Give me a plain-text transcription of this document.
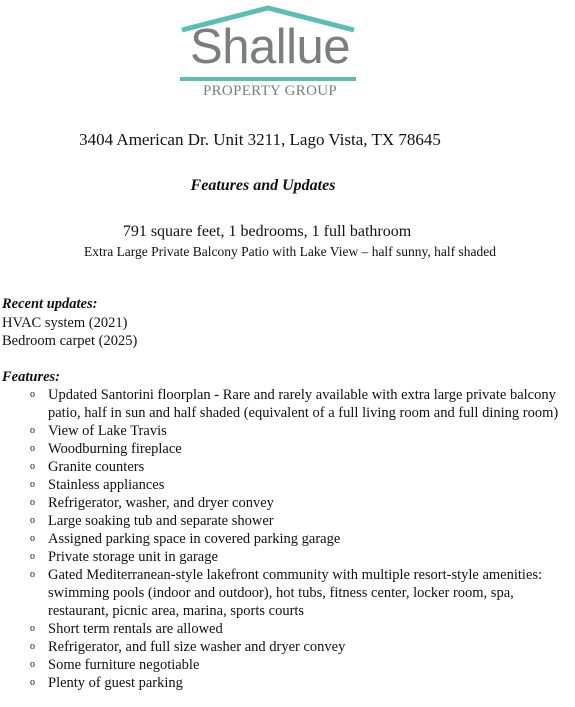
Shallue
PROPERTY GROUP
3404 American Dr. Unit 3211, Lago Vista, TX 78645
Features and Updates
791 square feet, 1 bedrooms, 1 full bathroom
Extra Large Private Balcony Patio with Lake View – half sunny, half shaded
Recent updates:
HVAC system (2021)
Bedroom carpet (2025)
Features:
o Updated Santorini floorplan - Rare and rarely available with extra large private balcony patio, half in sun and half shaded (equivalent of a full living room and full dining room)
o View of Lake Travis
o Woodburning fireplace
o Granite counters
o Stainless appliances
o Refrigerator, washer, and dryer convey
o Large soaking tub and separate shower
o Assigned parking space in covered parking garage
o Private storage unit in garage
o Gated Mediterranean-style lakefront community with multiple resort-style amenities: swimming pools (indoor and outdoor), hot tubs, fitness center, locker room, spa, restaurant, picnic area, marina, sports courts
o Short term rentals are allowed
o Refrigerator, and full size washer and dryer convey
o Some furniture negotiable
o Plenty of guest parking
